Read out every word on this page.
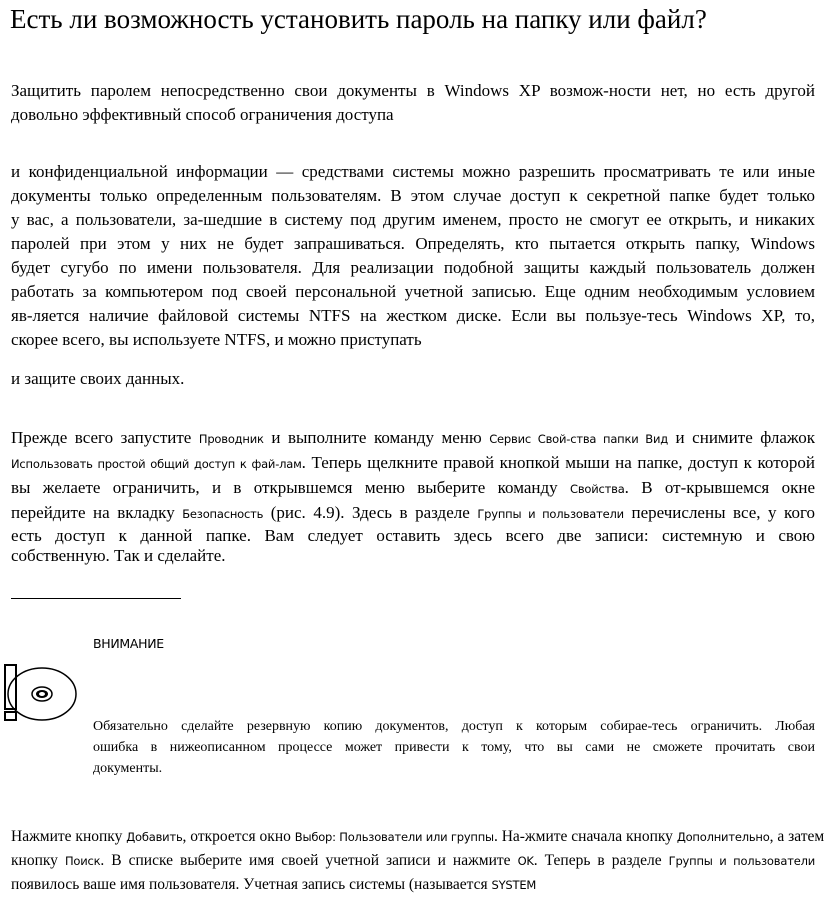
Есть ли возможность установить пароль на папку или файл?
Защитить паролем непосредственно свои документы в Windows XP возмож-ности нет, но есть другой
довольно эффективный способ ограничения доступа
и конфиденциальной информации — средствами системы можно разрешить просматривать те или иные
документы только определенным пользователям. В этом случае доступ к секретной папке будет только
у вас, а пользователи, за-шедшие в систему под другим именем, просто не смогут ее открыть, и никаких
паролей при этом у них не будет запрашиваться. Определять, кто пытается открыть папку, Windows
будет сугубо по имени пользователя. Для реализации подобной защиты каждый пользователь должен
работать за компьютером под своей персональной учетной записью. Еще одним необходимым условием
яв-ляется наличие файловой системы NTFS на жестком диске. Если вы пользуе-тесь Windows XP, то,
скорее всего, вы используете NTFS, и можно приступать
и защите своих данных.
Прежде всего запустите Проводник и выполните команду меню Сервис Свой-ства папки Вид и снимите флажок
Использовать простой общий доступ к фай-лам. Теперь щелкните правой кнопкой мыши на папке, доступ к которой
вы желаете ограничить, и в открывшемся меню выберите команду Свойства. В от-крывшемся окне
перейдите на вкладку Безопасность (рис. 4.9). Здесь в разделе Группы и пользователи перечислены все, у кого
есть доступ к данной папке. Вам следует оставить здесь всего две записи: системную и свою
собственную. Так и сделайте.
ВНИМАНИЕ
Обязательно сделайте резервную копию документов, доступ к которым собирае-тесь ограничить. Любая
ошибка в нижеописанном процессе может привести к тому, что вы сами не сможете прочитать свои
документы.
Нажмите кнопку Добавить, откроется окно Выбор: Пользователи или группы. На-жмите сначала кнопку Дополнительно, а затем
кнопку Поиск. В списке выберите имя своей учетной записи и нажмите OK. Теперь в разделе Группы и пользователи
появилось ваше имя пользователя. Учетная запись системы (называется SYSTEM
